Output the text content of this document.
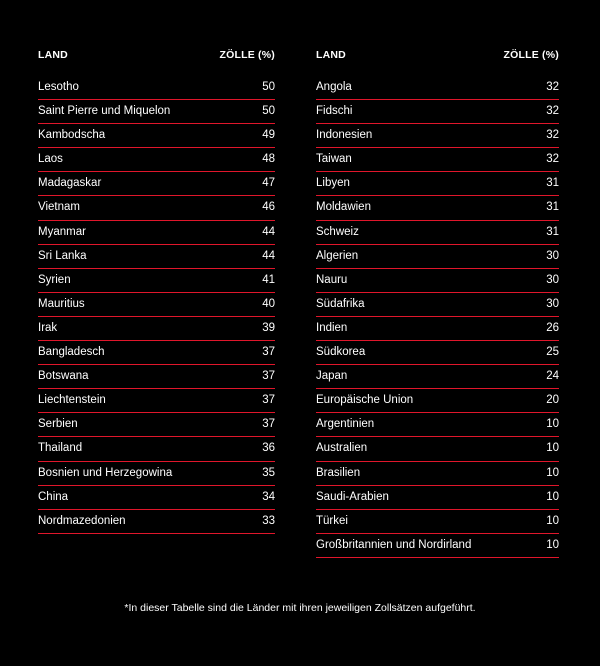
LAND	ZÖLLE (%)
Lesotho	50
Saint Pierre und Miquelon	50
Kambodscha	49
Laos	48
Madagaskar	47
Vietnam	46
Myanmar	44
Sri Lanka	44
Syrien	41
Mauritius	40
Irak	39
Bangladesch	37
Botswana	37
Liechtenstein	37
Serbien	37
Thailand	36
Bosnien und Herzegowina	35
China	34
Nordmazedonien	33
LAND	ZÖLLE (%)
Angola	32
Fidschi	32
Indonesien	32
Taiwan	32
Libyen	31
Moldawien	31
Schweiz	31
Algerien	30
Nauru	30
Südafrika	30
Indien	26
Südkorea	25
Japan	24
Europäische Union	20
Argentinien	10
Australien	10
Brasilien	10
Saudi-Arabien	10
Türkei	10
Großbritannien und Nordirland	10
*In dieser Tabelle sind die Länder mit ihren jeweiligen Zollsätzen aufgeführt.
